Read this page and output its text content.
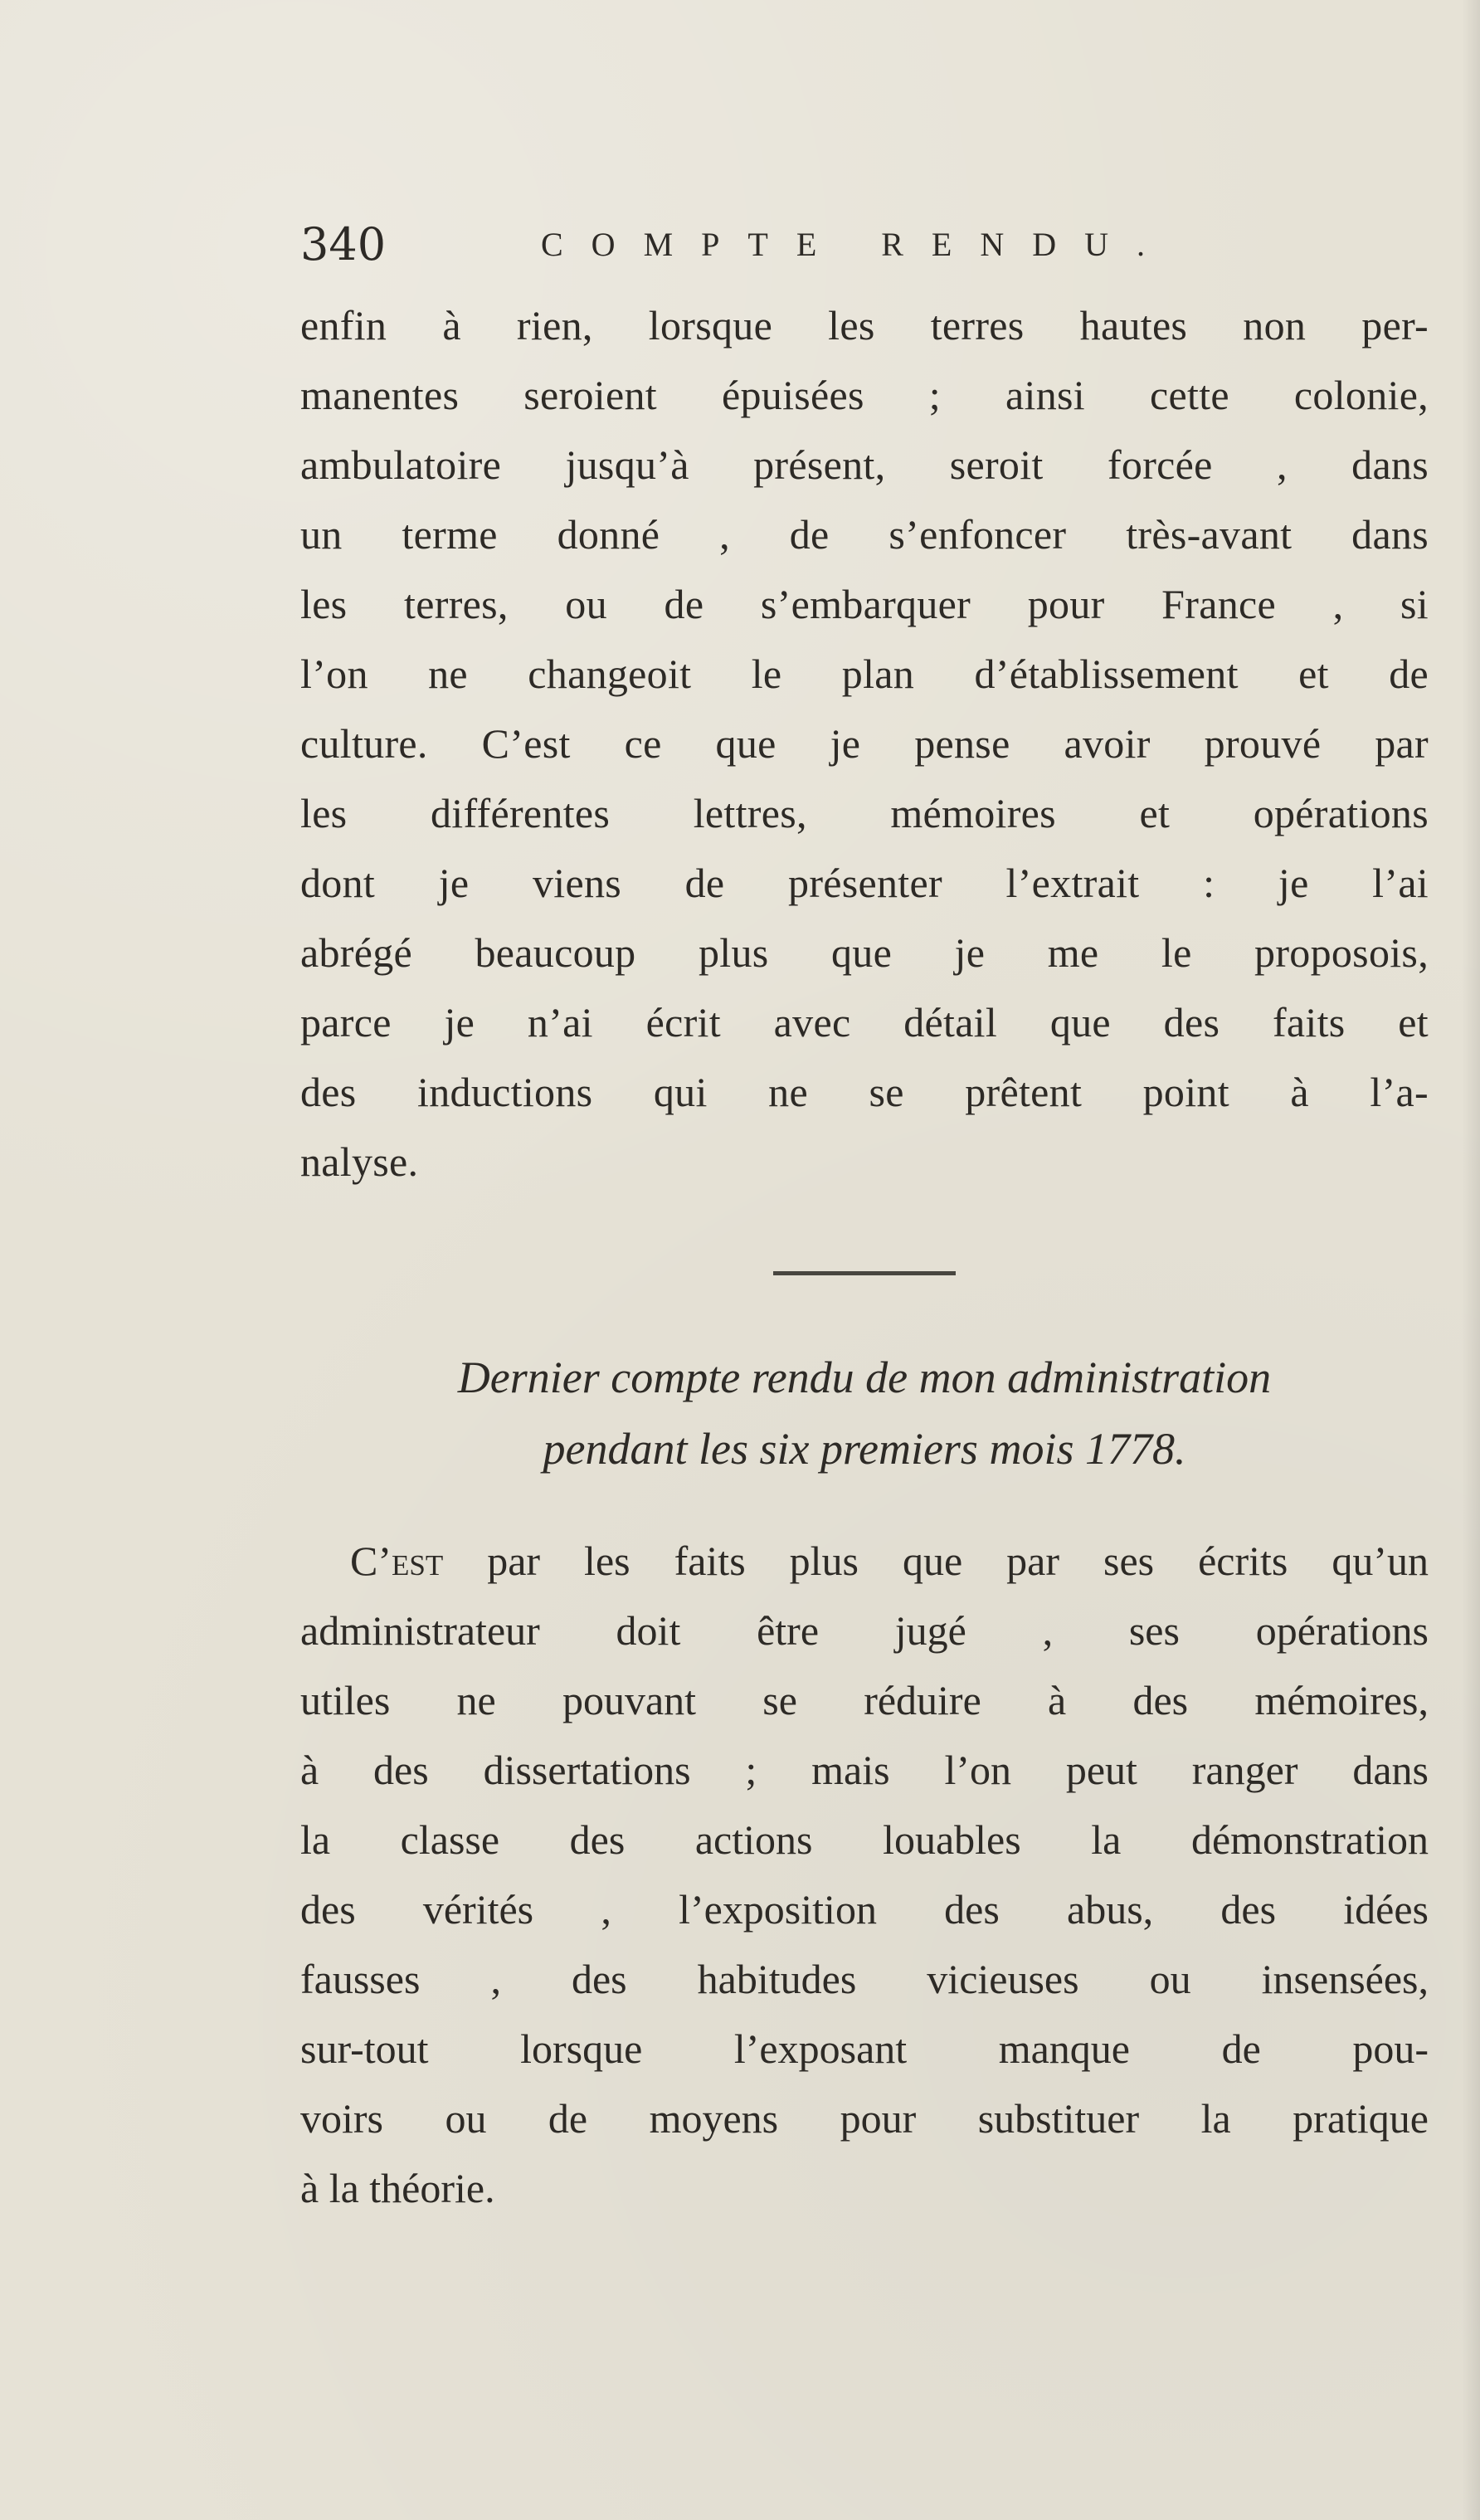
340	COMPTE RENDU.
enfin à rien, lorsque les terres hautes non per-
manentes seroient épuisées ; ainsi cette colonie,
ambulatoire jusqu’à présent, seroit forcée , dans
un terme donné , de s’enfoncer très-avant dans
les terres, ou de s’embarquer pour France , si
l’on ne changeoit le plan d’établissement et de
culture. C’est ce que je pense avoir prouvé par
les différentes lettres, mémoires et opérations
dont je viens de présenter l’extrait : je l’ai
abrégé beaucoup plus que je me le proposois,
parce je n’ai écrit avec détail que des faits et
des inductions qui ne se prêtent point à l’a-
nalyse.
Dernier compte rendu de mon administration
pendant les six premiers mois 1778.
C’est par les faits plus que par ses écrits qu’un
administrateur doit être jugé , ses opérations
utiles ne pouvant se réduire à des mémoires,
à des dissertations ; mais l’on peut ranger dans
la classe des actions louables la démonstration
des vérités , l’exposition des abus, des idées
fausses , des habitudes vicieuses ou insensées,
sur-tout lorsque l’exposant manque de pou-
voirs ou de moyens pour substituer la pratique
à la théorie.
